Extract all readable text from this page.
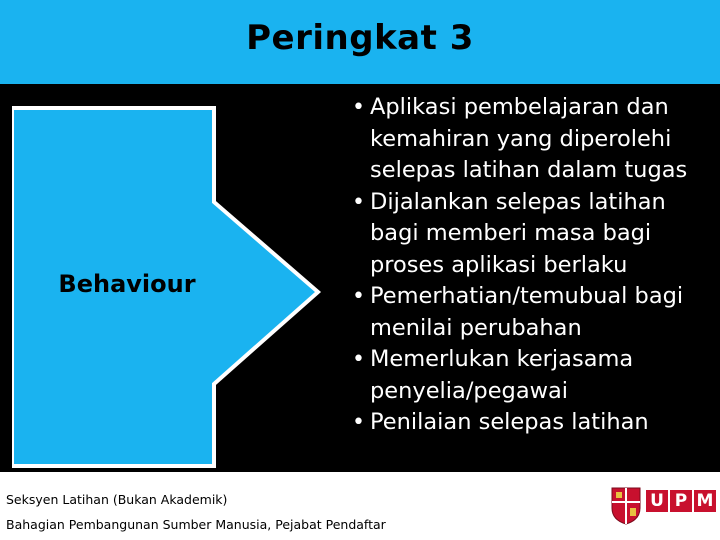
Peringkat 3
Behaviour
• Aplikasi pembelajaran dan kemahiran yang diperolehi selepas latihan dalam tugas
• Dijalankan selepas latihan bagi memberi masa bagi proses aplikasi berlaku
• Pemerhatian/temubual bagi menilai perubahan
• Memerlukan kerjasama penyelia/pegawai
• Penilaian selepas latihan
Seksyen Latihan (Bukan Akademik)
Bahagian Pembangunan Sumber Manusia, Pejabat Pendaftar
U P M
